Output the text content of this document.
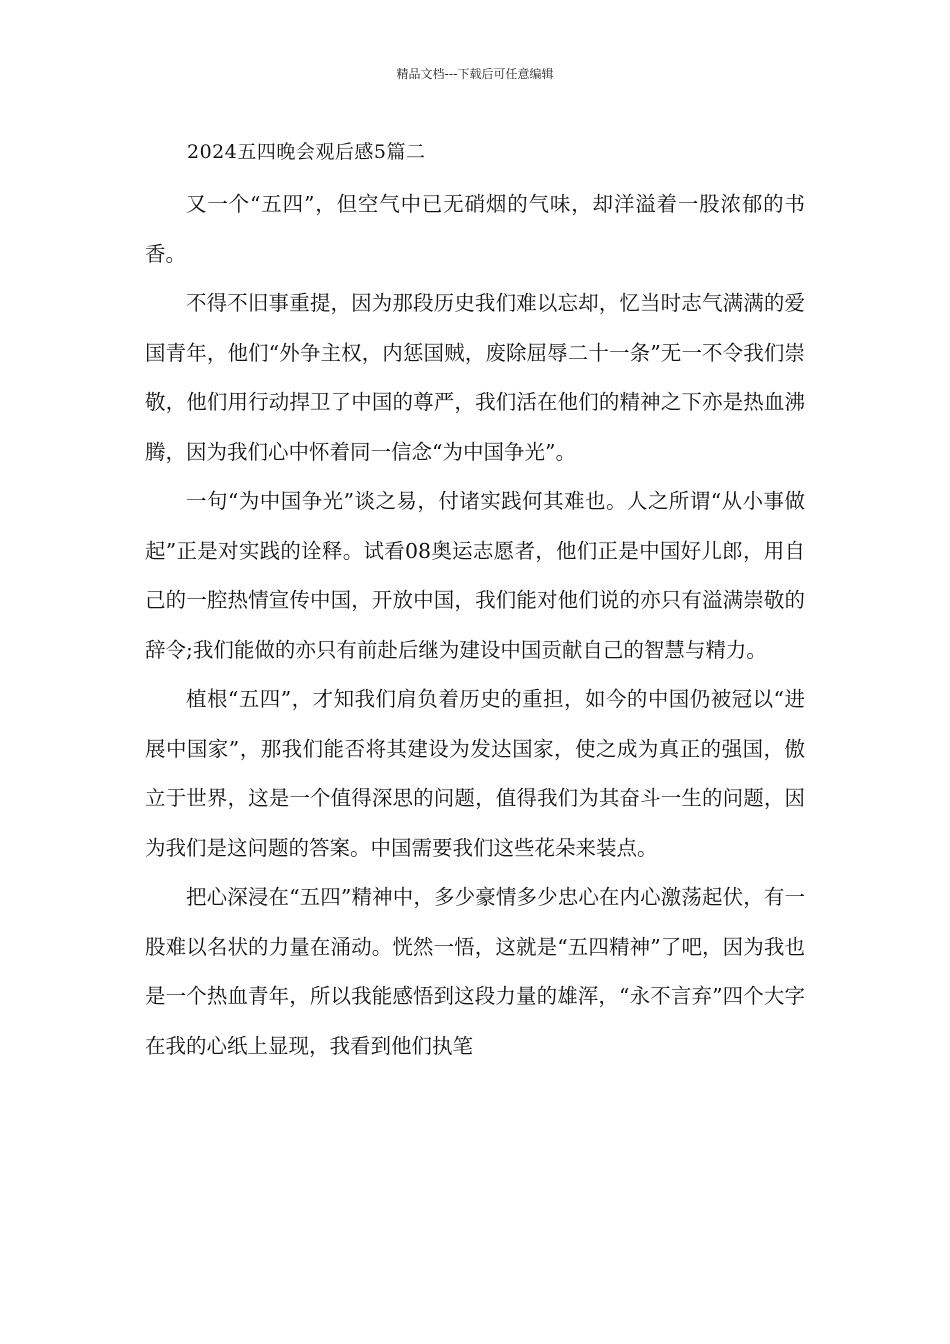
精品文档---下载后可任意编辑
2024五四晚会观后感5篇二

又一个“五四”，但空气中已无硝烟的气味，却洋溢着一股浓郁的书香。

不得不旧事重提，因为那段历史我们难以忘却，忆当时志气满满的爱国青年，他们“外争主权，内惩国贼，废除屈辱二十一条”无一不令我们崇敬，他们用行动捍卫了中国的尊严，我们活在他们的精神之下亦是热血沸腾，因为我们心中怀着同一信念“为中国争光”。

一句“为中国争光”谈之易，付诸实践何其难也。人之所谓“从小事做起”正是对实践的诠释。试看08奥运志愿者，他们正是中国好儿郎，用自己的一腔热情宣传中国，开放中国，我们能对他们说的亦只有溢满崇敬的辞令;我们能做的亦只有前赴后继为建设中国贡献自己的智慧与精力。

植根“五四”，才知我们肩负着历史的重担，如今的中国仍被冠以“进展中国家”，那我们能否将其建设为发达国家，使之成为真正的强国，傲立于世界，这是一个值得深思的问题，值得我们为其奋斗一生的问题，因为我们是这问题的答案。中国需要我们这些花朵来装点。

把心深浸在“五四”精神中，多少豪情多少忠心在内心激荡起伏，有一股难以名状的力量在涌动。恍然一悟，这就是“五四精神”了吧，因为我也是一个热血青年，所以我能感悟到这段力量的雄浑，“永不言弃”四个大字在我的心纸上显现，我看到他们执笔
